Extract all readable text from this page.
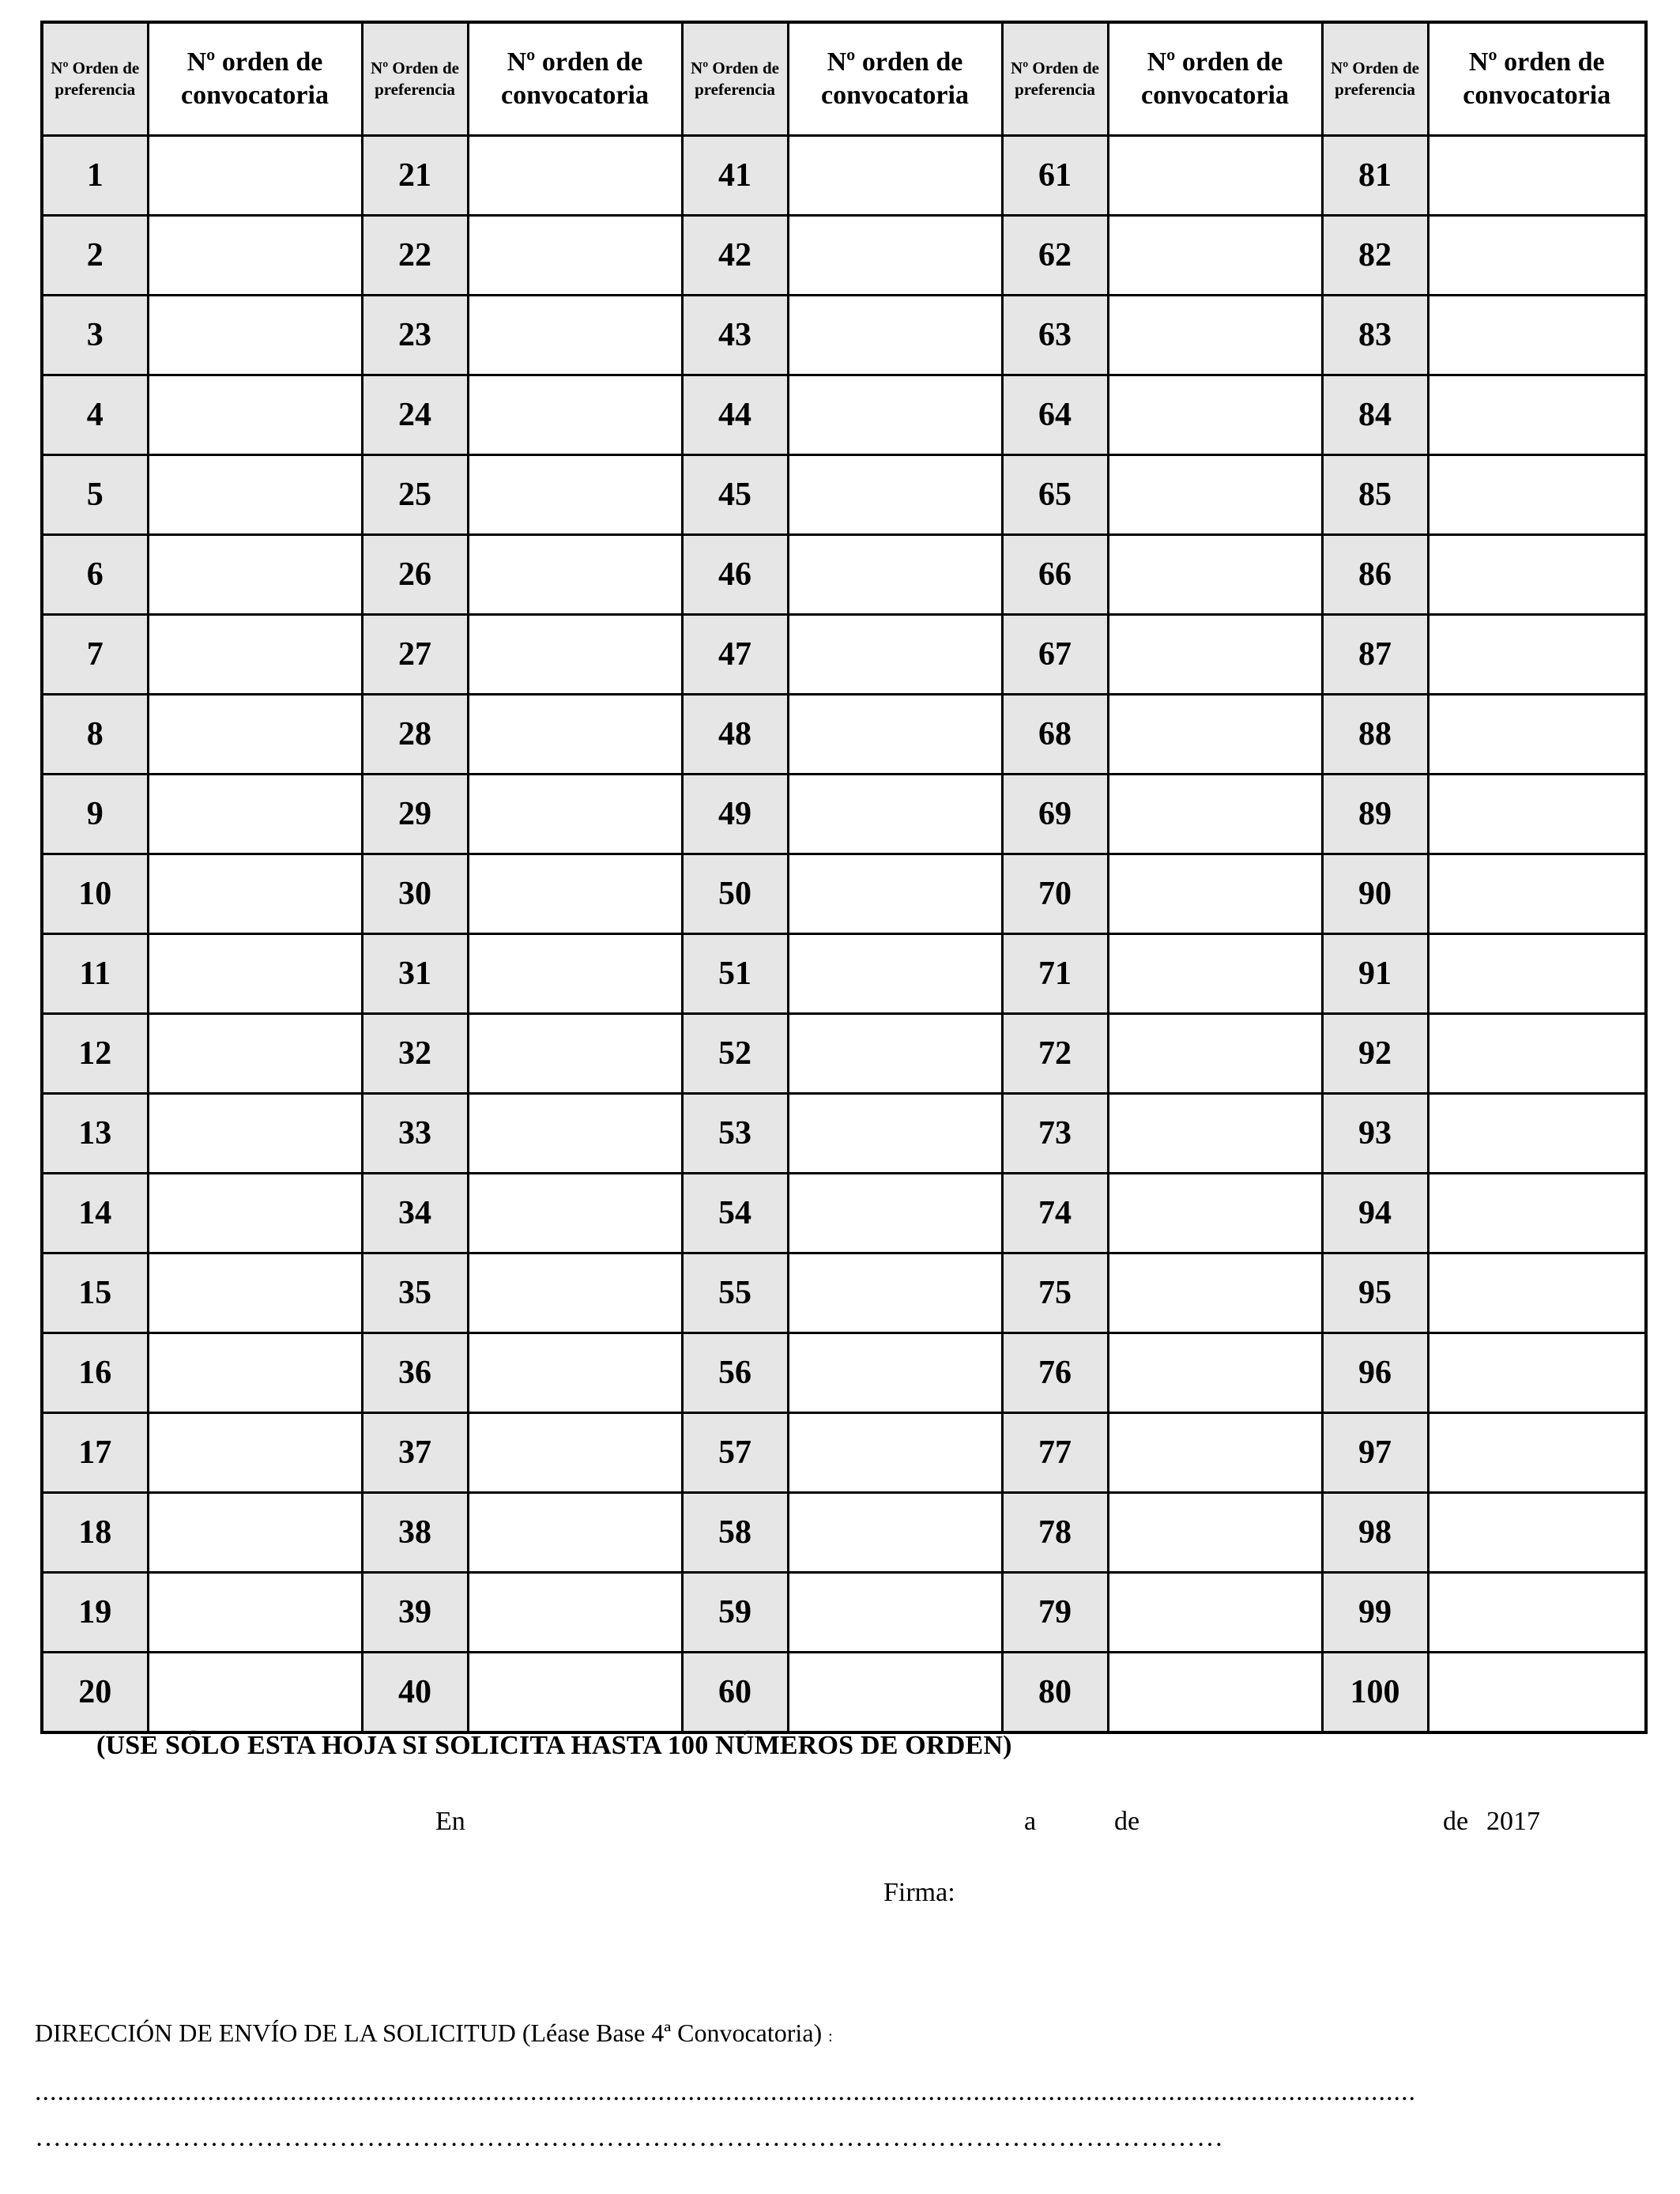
Nº Orden de preferencia	Nº orden de convocatoria	Nº Orden de preferencia	Nº orden de convocatoria	Nº Orden de preferencia	Nº orden de convocatoria	Nº Orden de preferencia	Nº orden de convocatoria	Nº Orden de preferencia	Nº orden de convocatoria
1		21		41		61		81	
2		22		42		62		82	
3		23		43		63		83	
4		24		44		64		84	
5		25		45		65		85	
6		26		46		66		86	
7		27		47		67		87	
8		28		48		68		88	
9		29		49		69		89	
10		30		50		70		90	
11		31		51		71		91	
12		32		52		72		92	
13		33		53		73		93	
14		34		54		74		94	
15		35		55		75		95	
16		36		56		76		96	
17		37		57		77		97	
18		38		58		78		98	
19		39		59		79		99	
20		40		60		80		100	
(USE SÓLO ESTA HOJA SI SOLICITA HASTA 100 NÚMEROS DE ORDEN)
En	a	de	de 2017
Firma:
DIRECCIÓN DE ENVÍO DE LA SOLICITUD (Léase Base 4ª Convocatoria) :
........................................................................................................................................................................................
…………………………………………………………………………………………………………………
